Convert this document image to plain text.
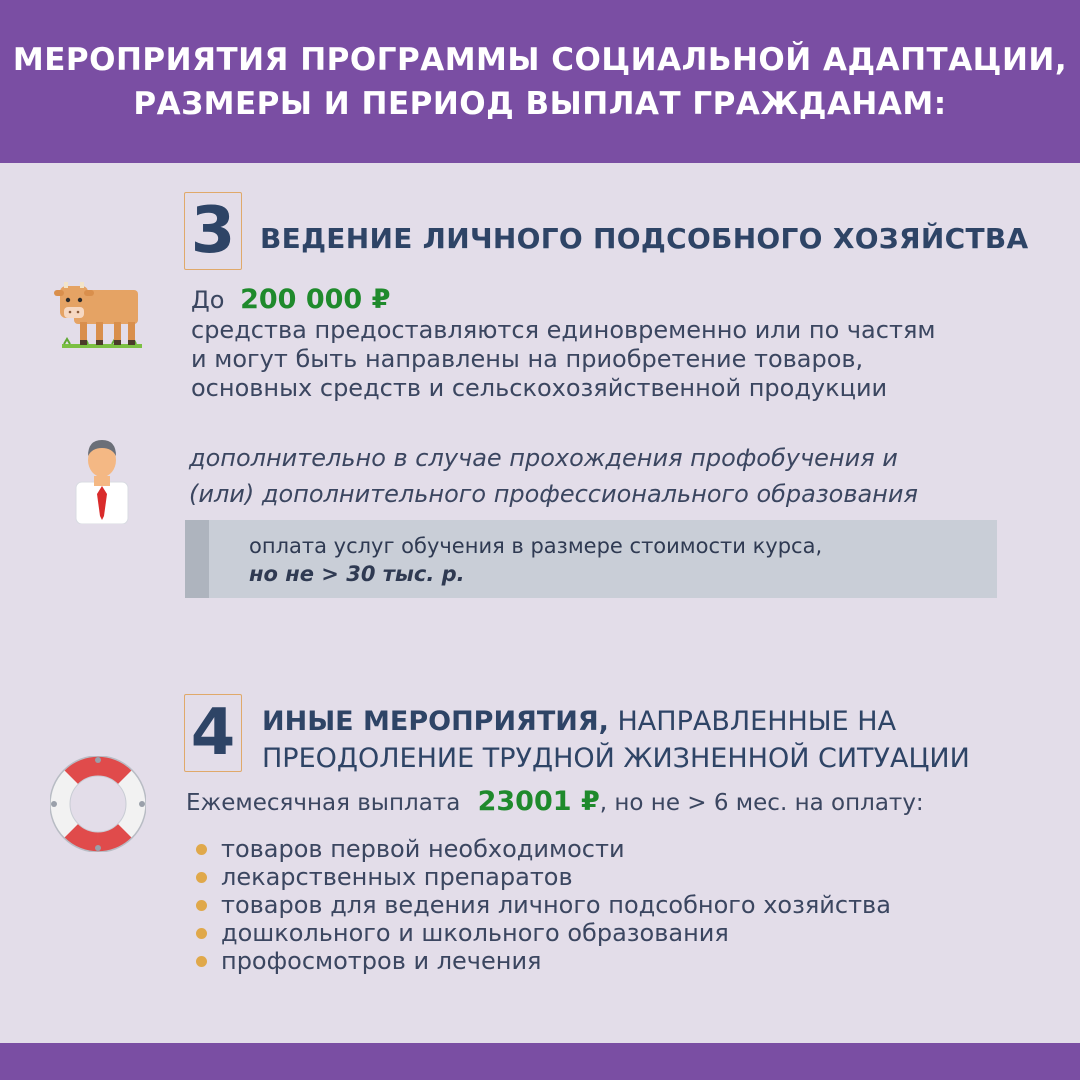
МЕРОПРИЯТИЯ ПРОГРАММЫ СОЦИАЛЬНОЙ АДАПТАЦИИ,
РАЗМЕРЫ И ПЕРИОД ВЫПЛАТ ГРАЖДАНАМ:
3 ВЕДЕНИЕ ЛИЧНОГО ПОДСОБНОГО ХОЗЯЙСТВА
До 200 000 ₽
средства предоставляются единовременно или по частям
и могут быть направлены на приобретение товаров,
основных средств и сельскохозяйственной продукции
дополнительно в случае прохождения профобучения и
(или) дополнительного профессионального образования
оплата услуг обучения в размере стоимости курса,
но не > 30 тыс. р.
4 ИНЫЕ МЕРОПРИЯТИЯ, НАПРАВЛЕННЫЕ НА
ПРЕОДОЛЕНИЕ ТРУДНОЙ ЖИЗНЕННОЙ СИТУАЦИИ
Ежемесячная выплата 23001 ₽, но не > 6 мес. на оплату:
товаров первой необходимости
лекарственных препаратов
товаров для ведения личного подсобного хозяйства
дошкольного и школьного образования
профосмотров и лечения
